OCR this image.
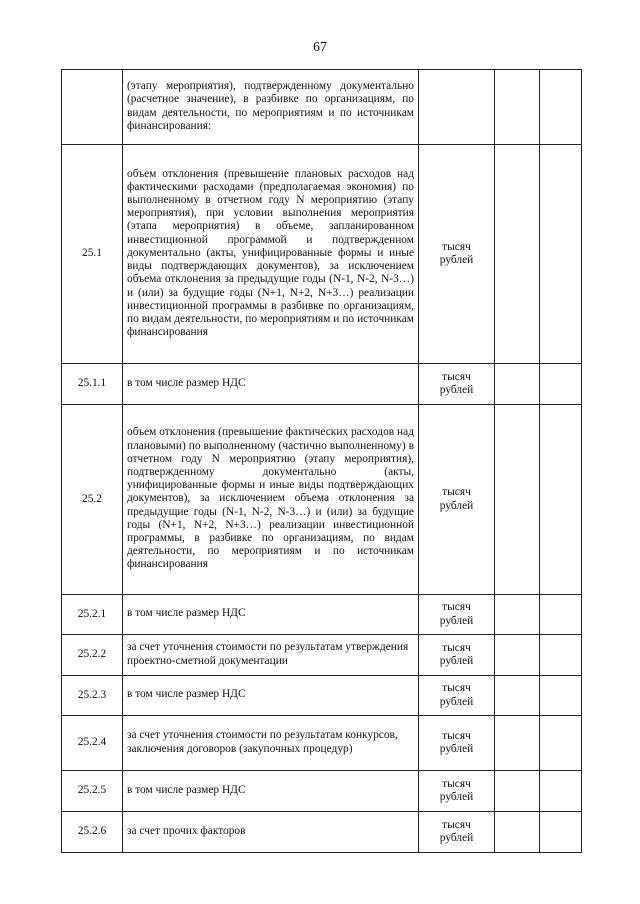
67
	(этапу мероприятия), подтвержденному документально (расчетное значение), в разбивке по организациям, по видам деятельности, по мероприятиям и по источникам финансирования:	

25.1	объем отклонения (превышение плановых расходов над фактическими расходами (предполагаемая экономия) по выполненному в отчетном году N мероприятию (этапу мероприятия), при условии выполнения мероприятия (этапа мероприятия) в объеме, запланированном инвестиционной программой и подтвержденном документально (акты, унифицированные формы и иные виды подтверждающих документов), за исключением объема отклонения за предыдущие годы (N-1, N-2, N-3…) и (или) за будущие годы (N+1, N+2, N+3…) реализации инвестиционной программы в разбивке по организациям, по видам деятельности, по мероприятиям и по источникам финансирования	тысяч
рублей		

25.1.1	в том числе размер НДС	тысяч
рублей		

25.2	объем отклонения (превышение фактических расходов над плановыми) по выполненному (частично выполненному) в отчетном году N мероприятию (этапу мероприятия), подтвержденному документально (акты, унифицированные формы и иные виды подтверждающих документов), за исключением объема отклонения за предыдущие годы (N-1, N-2, N-3…) и (или) за будущие годы (N+1, N+2, N+3…) реализации инвестиционной программы, в разбивке по организациям, по видам деятельности, по мероприятиям и по источникам финансирования	тысяч
рублей		

25.2.1	в том числе размер НДС	тысяч
рублей		

25.2.2	за счет уточнения стоимости по результатам утверждения проектно-сметной документации	тысяч
рублей		

25.2.3	в том числе размер НДС	тысяч
рублей		

25.2.4	за счет уточнения стоимости по результатам конкурсов, заключения договоров (закупочных процедур)	тысяч
рублей		

25.2.5	в том числе размер НДС	тысяч
рублей		

25.2.6	за счет прочих факторов	тысяч
рублей		
